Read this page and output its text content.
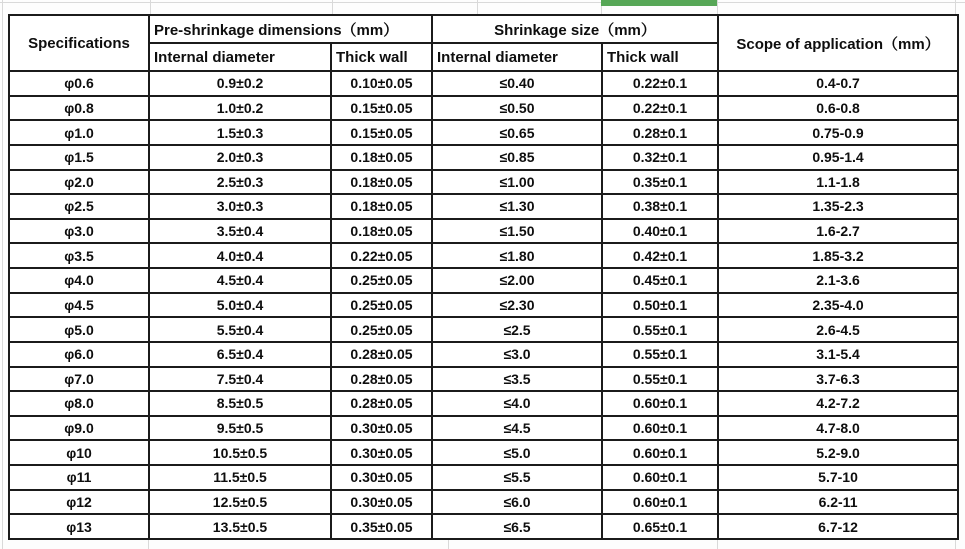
Specifications	Pre-shrinkage dimensions（mm）		Shrinkage size（mm）		Scope of application（mm）
	Internal diameter	Thick wall	Internal diameter	Thick wall	
φ0.6	0.9±0.2	0.10±0.05	≤0.40	0.22±0.1	0.4-0.7
φ0.8	1.0±0.2	0.15±0.05	≤0.50	0.22±0.1	0.6-0.8
φ1.0	1.5±0.3	0.15±0.05	≤0.65	0.28±0.1	0.75-0.9
φ1.5	2.0±0.3	0.18±0.05	≤0.85	0.32±0.1	0.95-1.4
φ2.0	2.5±0.3	0.18±0.05	≤1.00	0.35±0.1	1.1-1.8
φ2.5	3.0±0.3	0.18±0.05	≤1.30	0.38±0.1	1.35-2.3
φ3.0	3.5±0.4	0.18±0.05	≤1.50	0.40±0.1	1.6-2.7
φ3.5	4.0±0.4	0.22±0.05	≤1.80	0.42±0.1	1.85-3.2
φ4.0	4.5±0.4	0.25±0.05	≤2.00	0.45±0.1	2.1-3.6
φ4.5	5.0±0.4	0.25±0.05	≤2.30	0.50±0.1	2.35-4.0
φ5.0	5.5±0.4	0.25±0.05	≤2.5	0.55±0.1	2.6-4.5
φ6.0	6.5±0.4	0.28±0.05	≤3.0	0.55±0.1	3.1-5.4
φ7.0	7.5±0.4	0.28±0.05	≤3.5	0.55±0.1	3.7-6.3
φ8.0	8.5±0.5	0.28±0.05	≤4.0	0.60±0.1	4.2-7.2
φ9.0	9.5±0.5	0.30±0.05	≤4.5	0.60±0.1	4.7-8.0
φ10	10.5±0.5	0.30±0.05	≤5.0	0.60±0.1	5.2-9.0
φ11	11.5±0.5	0.30±0.05	≤5.5	0.60±0.1	5.7-10
φ12	12.5±0.5	0.30±0.05	≤6.0	0.60±0.1	6.2-11
φ13	13.5±0.5	0.35±0.05	≤6.5	0.65±0.1	6.7-12
